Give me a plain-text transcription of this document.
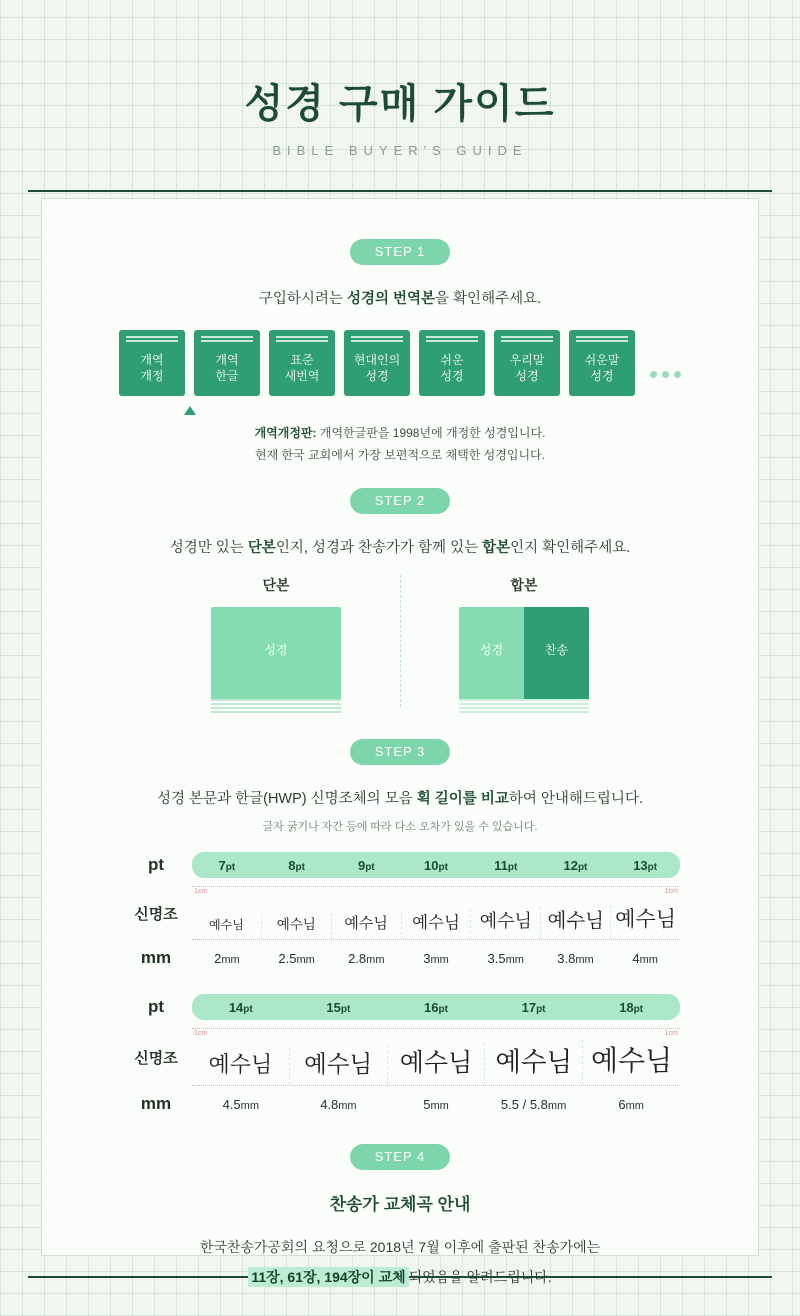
성경 구매 가이드
BIBLE BUYER'S GUIDE
STEP 1
구입하시려는 성경의 번역본을 확인해주세요.
개역
개정
개역
한글
표준
새번역
현대인의
성경
쉬운
성경
우리말
성경
쉬운말
성경
개역개정판: 개역한글판을 1998년에 개정한 성경입니다.
현재 한국 교회에서 가장 보편적으로 채택한 성경입니다.
STEP 2
성경만 있는 단본인지, 성경과 찬송가가 함께 있는 합본인지 확인해주세요.
단본
성경
합본
성경	찬송
STEP 3
성경 본문과 한글(HWP) 신명조체의 모음 획 길이를 비교하여 안내해드립니다.
글자 굵기나 자간 등에 따라 다소 오차가 있을 수 있습니다.
pt	7pt	8pt	9pt	10pt	11pt	12pt	13pt
신명조
1cm	1cm
예수님	예수님	예수님	예수님	예수님 예수님 예수님
mm	2mm	2.5mm	2.8mm	3mm	3.5mm	3.8mm	4mm
pt	14pt	15pt	16pt	17pt	18pt
신명조
1cm	1cm
예수님	예수님	예수님 예수님 예수님
mm	4.5mm	4.8mm	5mm	5.5 / 5.8mm	6mm
STEP 4
찬송가 교체곡 안내
한국찬송가공회의 요청으로 2018년 7월 이후에 출판된 찬송가에는
11장, 61장, 194장이 교체 되었음을 알려드립니다.
